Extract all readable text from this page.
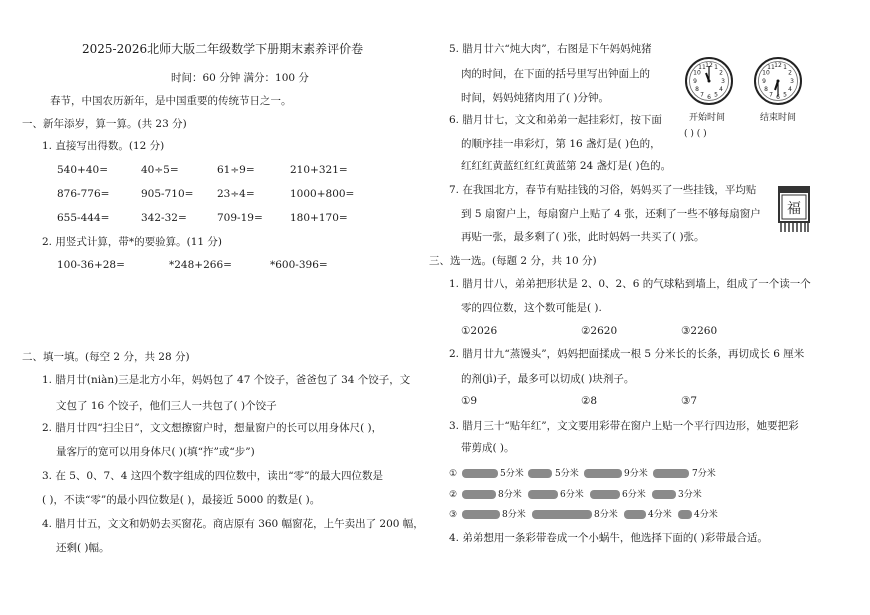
2025-2026北师大版二年级数学下册期末素养评价卷
时间：60 分钟 满分：100 分
春节，中国农历新年，是中国重要的传统节日之一。
一、新年添岁，算一算。(共 23 分)
1. 直接写出得数。(12 分)
540+40=	40÷5=	61÷9=	210+321=
876-776=	905-710= 23÷4=	1000+800=
655-444=	342-32=	709-19=	180+170=
2. 用竖式计算，带*的要验算。(11 分)
100-36+28=	*248+266=	*600-396=
二、填一填。(每空 2 分，共 28 分)
1. 腊月廿(niàn)三是北方小年，妈妈包了 47 个饺子，爸爸包了 34 个饺子，文
文包了 16 个饺子，他们三人一共包了( )个饺子
2. 腊月廿四“扫尘日”，文文想擦窗户时，想量窗户的长可以用身体尺( )，
量客厅的宽可以用身体尺( )(填“拃”或“步”)
3. 在 5、0、7、4 这四个数字组成的四位数中，读出“零”的最大四位数是
( )，不读“零”的最小四位数是( )，最接近 5000 的数是( )。
4. 腊月廿五，文文和奶奶去买窗花。商店原有 360 幅窗花，上午卖出了 200 幅，
还剩( )幅。
5. 腊月廿六“炖大肉”，右图是下午妈妈炖猪
肉的时间，在下面的括号里写出钟面上的
时间，妈妈炖猪肉用了( )分钟。
12 1
2
3
4
5
6
7
8
9
10
11	12 1
2
3
4
5
6
7
8
9
10
11
开始时间	结束时间
( ) ( )
6. 腊月廿七，文文和弟弟一起挂彩灯，按下面
的顺序挂一串彩灯，第 16 盏灯是( )色的，
红红红黄蓝红红红黄蓝第 24 盏灯是( )色的。
7. 在我国北方，春节有贴挂钱的习俗，妈妈买了一些挂钱，平均贴
到 5 扇窗户上，每扇窗户上贴了 4 张，还剩了一些不够每扇窗户
再贴一张，最多剩了( )张，此时妈妈一共买了( )张。
福
三、选一选。(每题 2 分，共 10 分)
1. 腊月廿八，弟弟把形状是 2、0、2、6 的气球粘到墙上，组成了一个读一个
零的四位数，这个数可能是( ).
①2026	②2620	③2260
2. 腊月廿九“蒸馒头”，妈妈把面揉成一根 5 分米长的长条，再切成长 6 厘米
的剂(jì)子，最多可以切成( )块剂子。
①9	②8	③7
3. 腊月三十“贴年红”，文文要用彩带在窗户上贴一个平行四边形，她要把彩
带剪成( )。
①
②
③
5分米	5分米	9分米	7分米
8分米	6分米	6分米	3分米
8分米	8分米	4分米 4分米
4. 弟弟想用一条彩带卷成一个小蜗牛，他选择下面的( )彩带最合适。
